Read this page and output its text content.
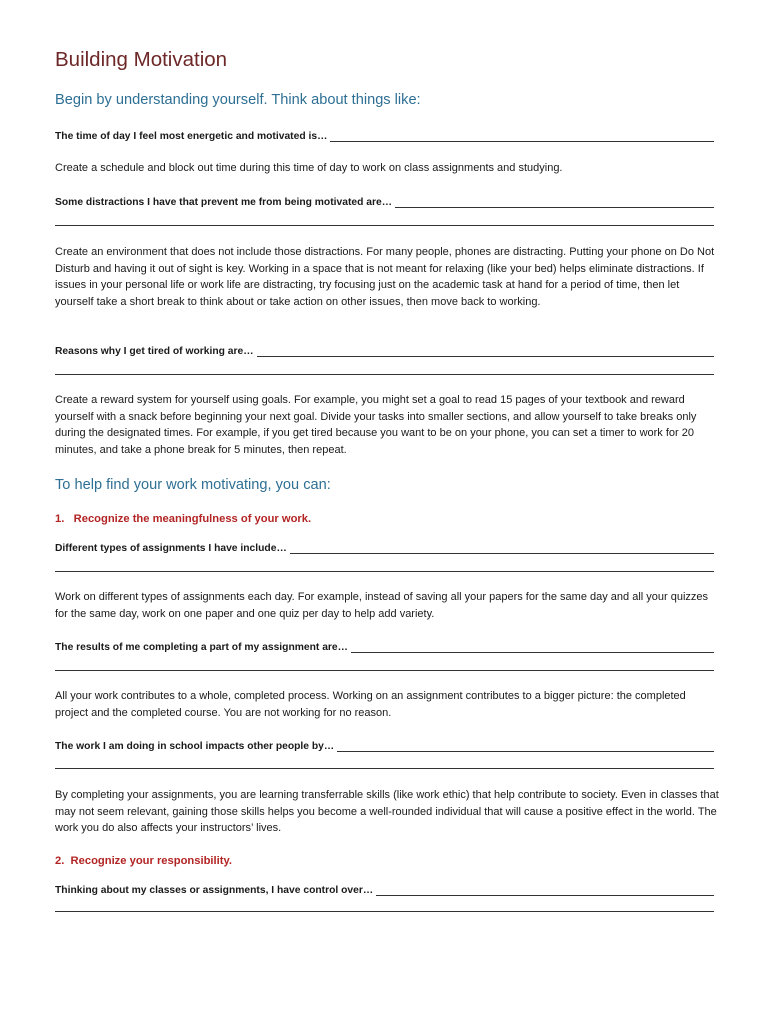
Building Motivation
Begin by understanding yourself. Think about things like:
The time of day I feel most energetic and motivated is…

Create a schedule and block out time during this time of day to work on class assignments and studying.

Some distractions I have that prevent me from being motivated are…

Create an environment that does not include those distractions. For many people, phones are distracting. Putting your phone on Do Not Disturb and having it out of sight is key. Working in a space that is not meant for relaxing (like your bed) helps eliminate distractions. If issues in your personal life or work life are distracting, try focusing just on the academic task at hand for a period of time, then let yourself take a short break to think about or take action on other issues, then move back to working.

Reasons why I get tired of working are…

Create a reward system for yourself using goals. For example, you might set a goal to read 15 pages of your textbook and reward yourself with a snack before beginning your next goal. Divide your tasks into smaller sections, and allow yourself to take breaks only during the designated times. For example, if you get tired because you want to be on your phone, you can set a timer to work for 20 minutes, and take a phone break for 5 minutes, then repeat.

To help find your work motivating, you can:
1.   Recognize the meaningfulness of your work.
Different types of assignments I have include…

Work on different types of assignments each day. For example, instead of saving all your papers for the same day and all your quizzes for the same day, work on one paper and one quiz per day to help add variety.

The results of me completing a part of my assignment are…

All your work contributes to a whole, completed process. Working on an assignment contributes to a bigger picture: the completed project and the completed course. You are not working for no reason.

The work I am doing in school impacts other people by…

By completing your assignments, you are learning transferrable skills (like work ethic) that help contribute to society. Even in classes that may not seem relevant, gaining those skills helps you become a well-rounded individual that will cause a positive effect in the world. The work you do also affects your instructors’ lives.

2.  Recognize your responsibility.
Thinking about my classes or assignments, I have control over…
